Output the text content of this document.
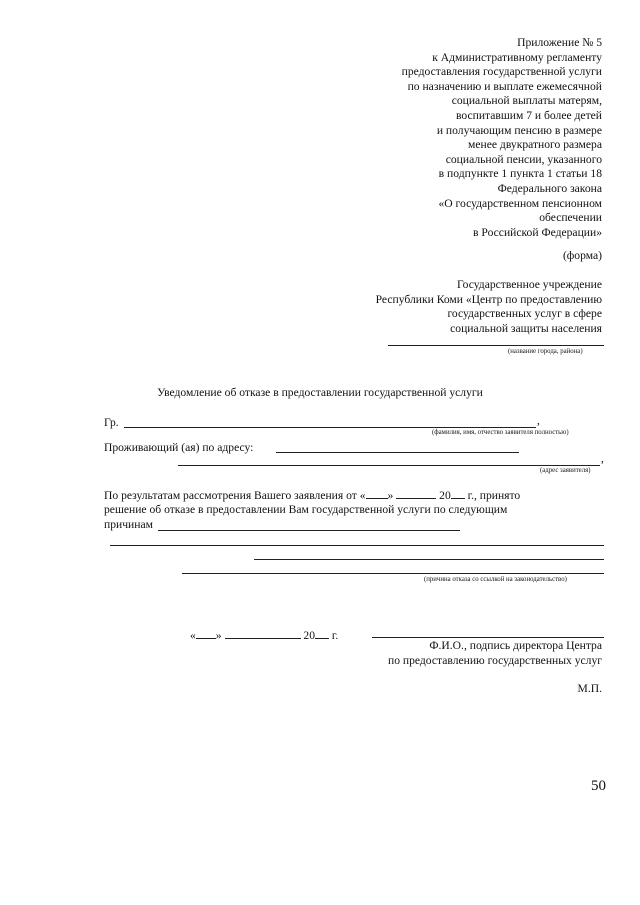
Приложение № 5
к Административному регламенту
предоставления государственной услуги
по назначению и выплате ежемесячной
социальной выплаты матерям,
воспитавшим 7 и более детей
и получающим пенсию в размере
менее двукратного размера
социальной пенсии, указанного
в подпункте 1 пункта 1 статьи 18
Федерального закона
«О государственном пенсионном
обеспечении
в Российской Федерации»
(форма)
Государственное учреждение
Республики Коми «Центр по предоставлению
государственных услуг в сфере
социальной защиты населения
(название города, района)
Уведомление об отказе в предоставлении государственной услуги
Гр.	,
(фамилия, имя, отчество заявителя полностью)
Проживающий (ая) по адресу:
,
(адрес заявителя)
По результатам рассмотрения Вашего заявления от « »	20 г., принято
решение об отказе в предоставлении Вам государственной услуги по следующим
причинам
(причина отказа со ссылкой на законодательство)
« »	20 г.
Ф.И.О., подпись директора Центра
по предоставлению государственных услуг
М.П.
50
